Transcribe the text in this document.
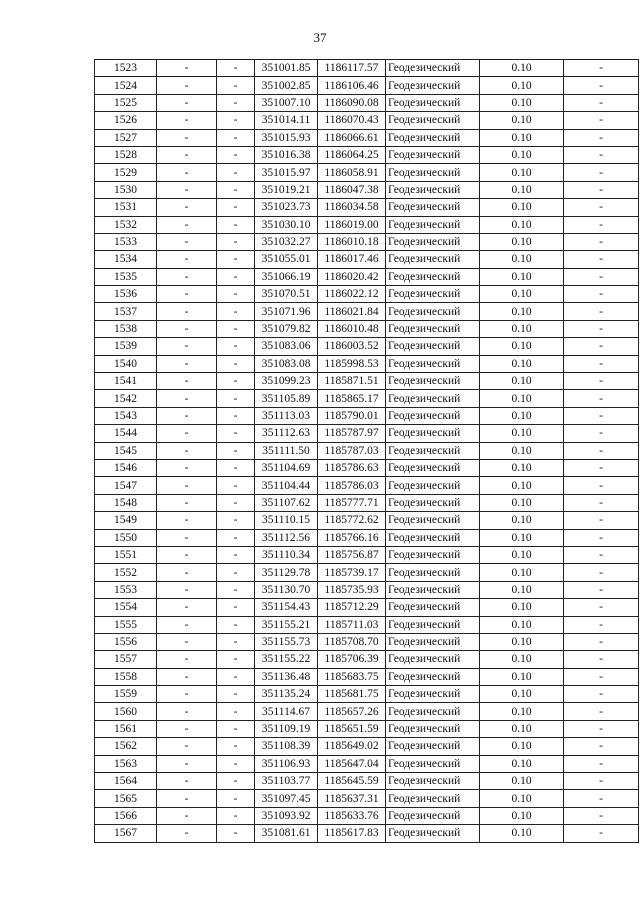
37
1523	-	-	351001.85	1186117.57	Геодезический	0.10	-
1524	-	-	351002.85	1186106.46	Геодезический	0.10	-
1525	-	-	351007.10	1186090.08	Геодезический	0.10	-
1526	-	-	351014.11	1186070.43	Геодезический	0.10	-
1527	-	-	351015.93	1186066.61	Геодезический	0.10	-
1528	-	-	351016.38	1186064.25	Геодезический	0.10	-
1529	-	-	351015.97	1186058.91	Геодезический	0.10	-
1530	-	-	351019.21	1186047.38	Геодезический	0.10	-
1531	-	-	351023.73	1186034.58	Геодезический	0.10	-
1532	-	-	351030.10	1186019.00	Геодезический	0.10	-
1533	-	-	351032.27	1186010.18	Геодезический	0.10	-
1534	-	-	351055.01	1186017.46	Геодезический	0.10	-
1535	-	-	351066.19	1186020.42	Геодезический	0.10	-
1536	-	-	351070.51	1186022.12	Геодезический	0.10	-
1537	-	-	351071.96	1186021.84	Геодезический	0.10	-
1538	-	-	351079.82	1186010.48	Геодезический	0.10	-
1539	-	-	351083.06	1186003.52	Геодезический	0.10	-
1540	-	-	351083.08	1185998.53	Геодезический	0.10	-
1541	-	-	351099.23	1185871.51	Геодезический	0.10	-
1542	-	-	351105.89	1185865.17	Геодезический	0.10	-
1543	-	-	351113.03	1185790.01	Геодезический	0.10	-
1544	-	-	351112.63	1185787.97	Геодезический	0.10	-
1545	-	-	351111.50	1185787.03	Геодезический	0.10	-
1546	-	-	351104.69	1185786.63	Геодезический	0.10	-
1547	-	-	351104.44	1185786.03	Геодезический	0.10	-
1548	-	-	351107.62	1185777.71	Геодезический	0.10	-
1549	-	-	351110.15	1185772.62	Геодезический	0.10	-
1550	-	-	351112.56	1185766.16	Геодезический	0.10	-
1551	-	-	351110.34	1185756.87	Геодезический	0.10	-
1552	-	-	351129.78	1185739.17	Геодезический	0.10	-
1553	-	-	351130.70	1185735.93	Геодезический	0.10	-
1554	-	-	351154.43	1185712.29	Геодезический	0.10	-
1555	-	-	351155.21	1185711.03	Геодезический	0.10	-
1556	-	-	351155.73	1185708.70	Геодезический	0.10	-
1557	-	-	351155.22	1185706.39	Геодезический	0.10	-
1558	-	-	351136.48	1185683.75	Геодезический	0.10	-
1559	-	-	351135.24	1185681.75	Геодезический	0.10	-
1560	-	-	351114.67	1185657.26	Геодезический	0.10	-
1561	-	-	351109.19	1185651.59	Геодезический	0.10	-
1562	-	-	351108.39	1185649.02	Геодезический	0.10	-
1563	-	-	351106.93	1185647.04	Геодезический	0.10	-
1564	-	-	351103.77	1185645.59	Геодезический	0.10	-
1565	-	-	351097.45	1185637.31	Геодезический	0.10	-
1566	-	-	351093.92	1185633.76	Геодезический	0.10	-
1567	-	-	351081.61	1185617.83	Геодезический	0.10	-
